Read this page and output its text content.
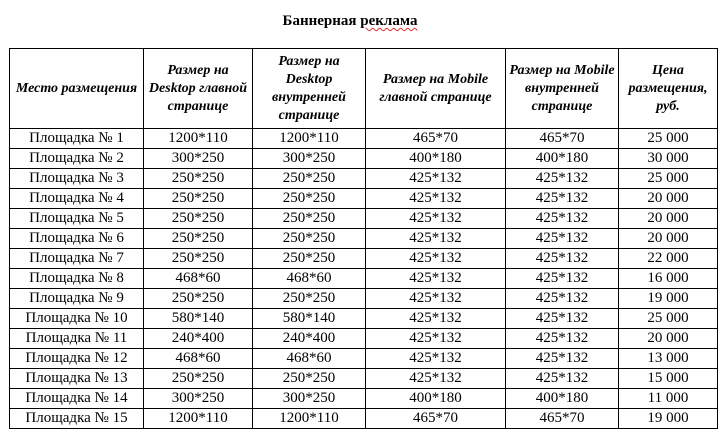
Баннерная реклама
Место размещения	Размер на Desktop главной странице	Размер на Desktop внутренней странице	Размер на Mobile главной странице	Размер на Mobile внутренней странице	Цена размещения, руб.
Площадка № 1	1200*110	1200*110	465*70	465*70	25 000
Площадка № 2	300*250	300*250	400*180	400*180	30 000
Площадка № 3	250*250	250*250	425*132	425*132	25 000
Площадка № 4	250*250	250*250	425*132	425*132	20 000
Площадка № 5	250*250	250*250	425*132	425*132	20 000
Площадка № 6	250*250	250*250	425*132	425*132	20 000
Площадка № 7	250*250	250*250	425*132	425*132	22 000
Площадка № 8	468*60	468*60	425*132	425*132	16 000
Площадка № 9	250*250	250*250	425*132	425*132	19 000
Площадка № 10	580*140	580*140	425*132	425*132	25 000
Площадка № 11	240*400	240*400	425*132	425*132	20 000
Площадка № 12	468*60	468*60	425*132	425*132	13 000
Площадка № 13	250*250	250*250	425*132	425*132	15 000
Площадка № 14	300*250	300*250	400*180	400*180	11 000
Площадка № 15	1200*110	1200*110	465*70	465*70	19 000
